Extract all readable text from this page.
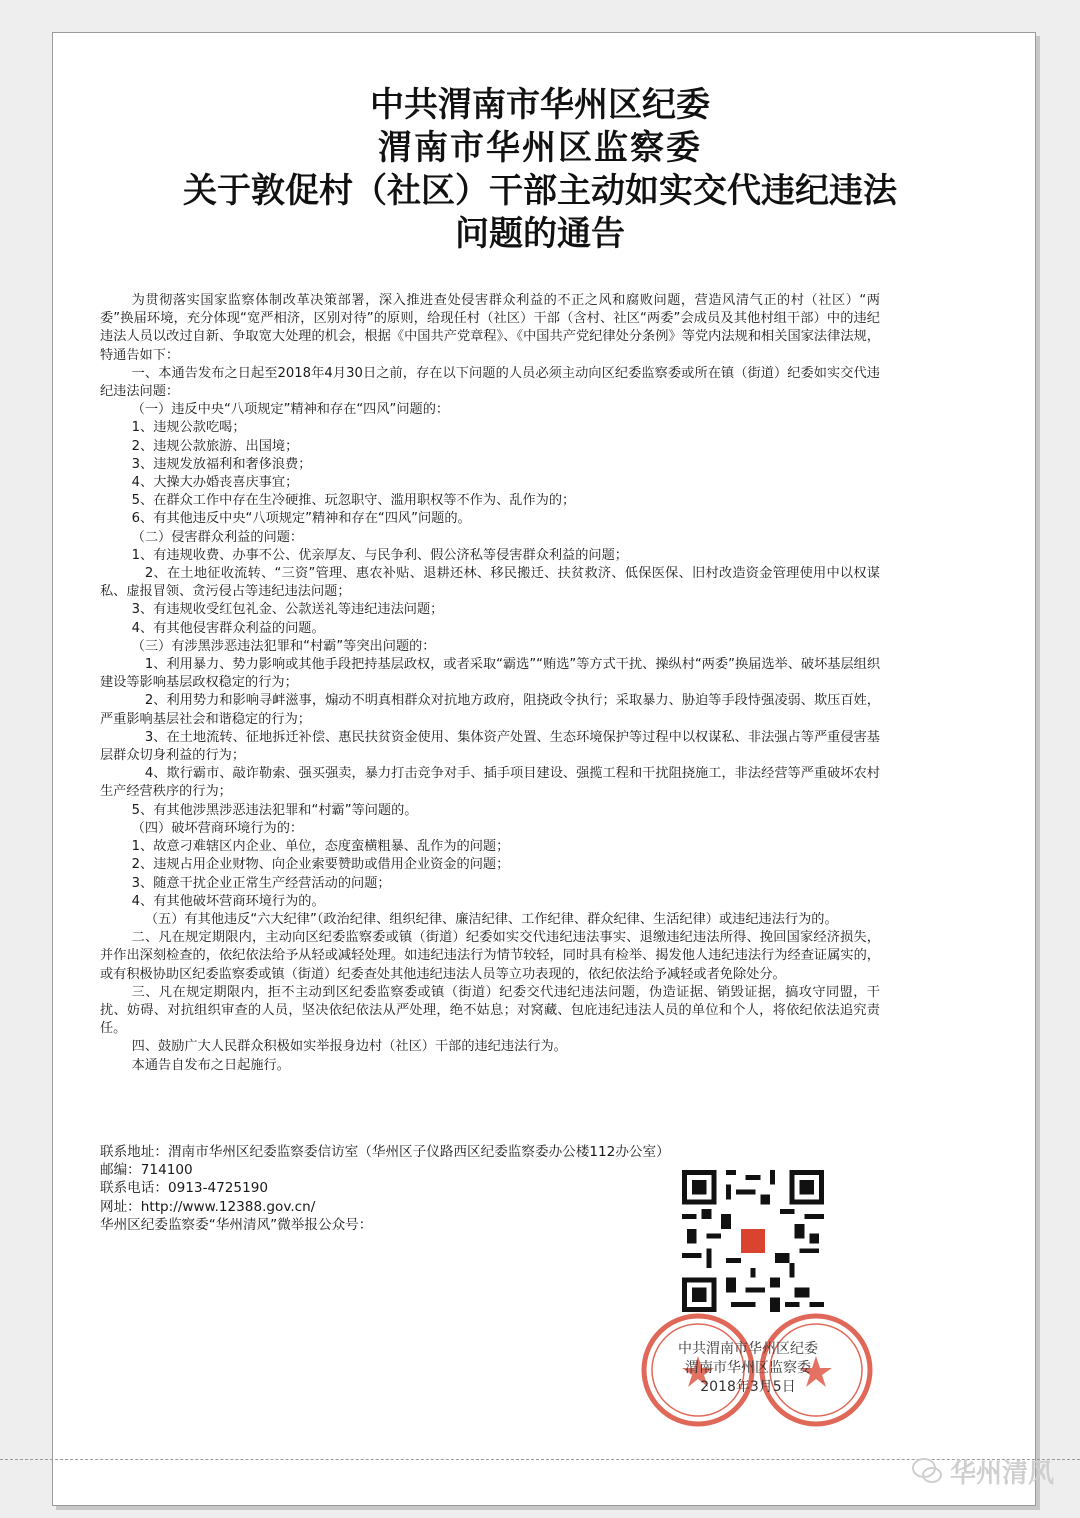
中共渭南市华州区纪委
渭南市华州区监察委
关于敦促村（社区）干部主动如实交代违纪违法
问题的通告

为贯彻落实国家监察体制改革决策部署，深入推进查处侵害群众利益的不正之风和腐败问题，营造风清气正的村（社区）“两委”换届环境，充分体现“宽严相济，区别对待”的原则，给现任村（社区）干部（含村、社区“两委”会成员及其他村组干部）中的违纪违法人员以改过自新、争取宽大处理的机会，根据《中国共产党章程》、《中国共产党纪律处分条例》等党内法规和相关国家法律法规，特通告如下：

一、本通告发布之日起至2018年4月30日之前，存在以下问题的人员必须主动向区纪委监察委或所在镇（街道）纪委如实交代违纪违法问题：

（一）违反中央“八项规定”精神和存在“四风”问题的：

1、违规公款吃喝；

2、违规公款旅游、出国境；

3、违规发放福利和奢侈浪费；

4、大操大办婚丧喜庆事宜；

5、在群众工作中存在生冷硬推、玩忽职守、滥用职权等不作为、乱作为的；

6、有其他违反中央“八项规定”精神和存在“四风”问题的。

（二）侵害群众利益的问题：

1、有违规收费、办事不公、优亲厚友、与民争利、假公济私等侵害群众利益的问题；

2、在土地征收流转、“三资”管理、惠农补贴、退耕还林、移民搬迁、扶贫救济、低保医保、旧村改造资金管理使用中以权谋私、虚报冒领、贪污侵占等违纪违法问题；

3、有违规收受红包礼金、公款送礼等违纪违法问题；

4、有其他侵害群众利益的问题。

（三）有涉黑涉恶违法犯罪和“村霸”等突出问题的：

1、利用暴力、势力影响或其他手段把持基层政权，或者采取“霸选”“贿选”等方式干扰、操纵村“两委”换届选举、破坏基层组织建设等影响基层政权稳定的行为；

2、利用势力和影响寻衅滋事，煽动不明真相群众对抗地方政府，阻挠政令执行；采取暴力、胁迫等手段恃强凌弱、欺压百姓，严重影响基层社会和谐稳定的行为；

3、在土地流转、征地拆迁补偿、惠民扶贫资金使用、集体资产处置、生态环境保护等过程中以权谋私、非法强占等严重侵害基层群众切身利益的行为；

4、欺行霸市、敲诈勒索、强买强卖，暴力打击竞争对手、插手项目建设、强揽工程和干扰阻挠施工，非法经营等严重破坏农村生产经营秩序的行为；

5、有其他涉黑涉恶违法犯罪和“村霸”等问题的。

（四）破坏营商环境行为的：

1、故意刁难辖区内企业、单位，态度蛮横粗暴、乱作为的问题；

2、违规占用企业财物、向企业索要赞助或借用企业资金的问题；

3、随意干扰企业正常生产经营活动的问题；

4、有其他破坏营商环境行为的。

（五）有其他违反“六大纪律”（政治纪律、组织纪律、廉洁纪律、工作纪律、群众纪律、生活纪律）或违纪违法行为的。

二、凡在规定期限内，主动向区纪委监察委或镇（街道）纪委如实交代违纪违法事实、退缴违纪违法所得、挽回国家经济损失，并作出深刻检查的，依纪依法给予从轻或减轻处理。如违纪违法行为情节较轻，同时具有检举、揭发他人违纪违法行为经查证属实的，或有积极协助区纪委监察委或镇（街道）纪委查处其他违纪违法人员等立功表现的，依纪依法给予减轻或者免除处分。

三、凡在规定期限内，拒不主动到区纪委监察委或镇（街道）纪委交代违纪违法问题，伪造证据、销毁证据，搞攻守同盟，干扰、妨碍、对抗组织审查的人员，坚决依纪依法从严处理，绝不姑息；对窝藏、包庇违纪违法人员的单位和个人，将依纪依法追究责任。

四、鼓励广大人民群众积极如实举报身边村（社区）干部的违纪违法行为。

本通告自发布之日起施行。

联系地址：渭南市华州区纪委监察委信访室（华州区子仪路西区纪委监察委办公楼112办公室）
邮编：714100
联系电话：0913-4725190
网址：http://www.12388.gov.cn/
华州区纪委监察委“华州清风”微举报公众号：
中共渭南市华州区纪委
渭南市华州区监察委
2018年3月5日
华州清风
